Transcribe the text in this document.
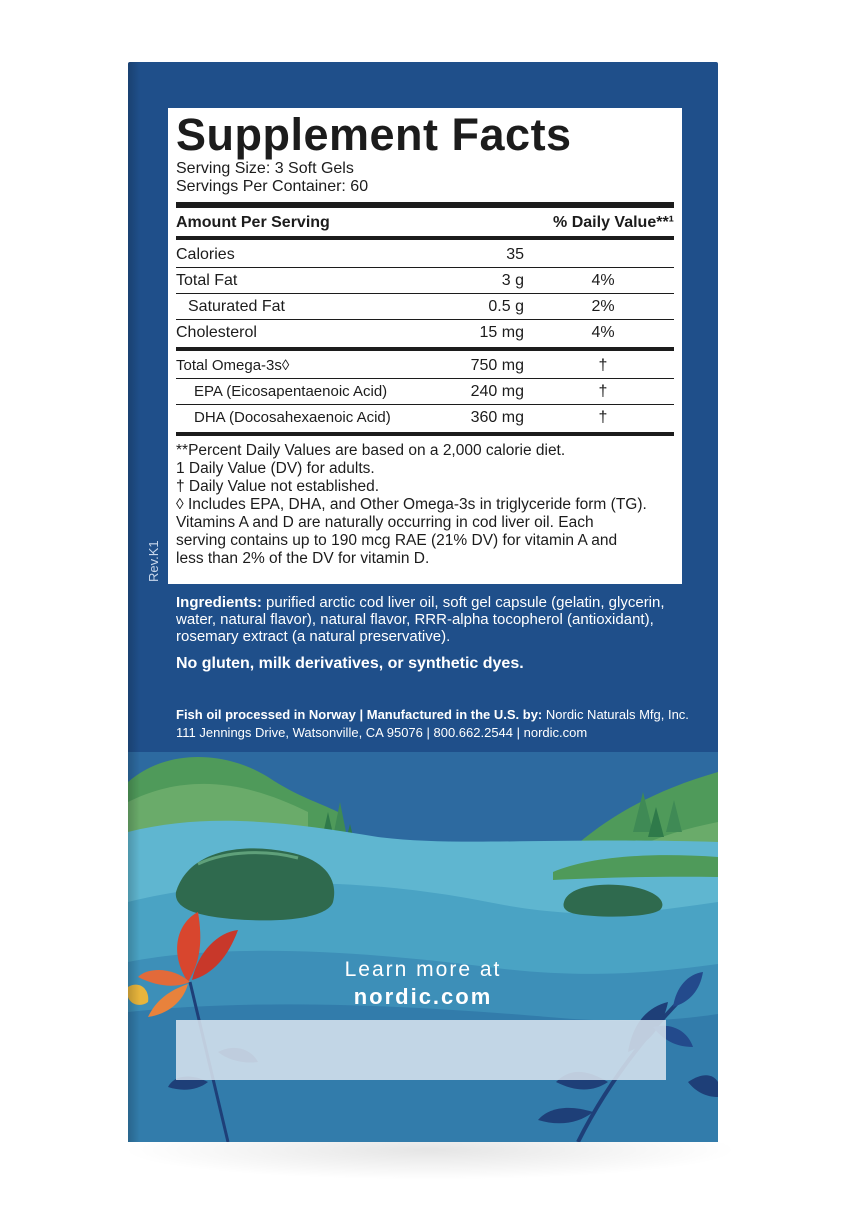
Rev.K1
Supplement Facts
Serving Size: 3 Soft Gels
Servings Per Container: 60
Amount Per Serving	% Daily Value**¹
Calories	35
Total Fat	3 g	4%
Saturated Fat	0.5 g	2%
Cholesterol	15 mg	4%
Total Omega-3s◊	750 mg	†
EPA (Eicosapentaenoic Acid)	240 mg	†
DHA (Docosahexaenoic Acid)	360 mg	†
**Percent Daily Values are based on a 2,000 calorie diet.
1 Daily Value (DV) for adults.
† Daily Value not established.
◊ Includes EPA, DHA, and Other Omega-3s in triglyceride form (TG).
Vitamins A and D are naturally occurring in cod liver oil. Each
serving contains up to 190 mcg RAE (21% DV) for vitamin A and
less than 2% of the DV for vitamin D.
Ingredients: purified arctic cod liver oil, soft gel capsule (gelatin, glycerin, water, natural flavor), natural flavor, RRR-alpha tocopherol (antioxidant), rosemary extract (a natural preservative).
No gluten, milk derivatives, or synthetic dyes.
Fish oil processed in Norway | Manufactured in the U.S. by: Nordic Naturals Mfg, Inc.
111 Jennings Drive, Watsonville, CA 95076 | 800.662.2544 | nordic.com
Learn more at
nordic.com
